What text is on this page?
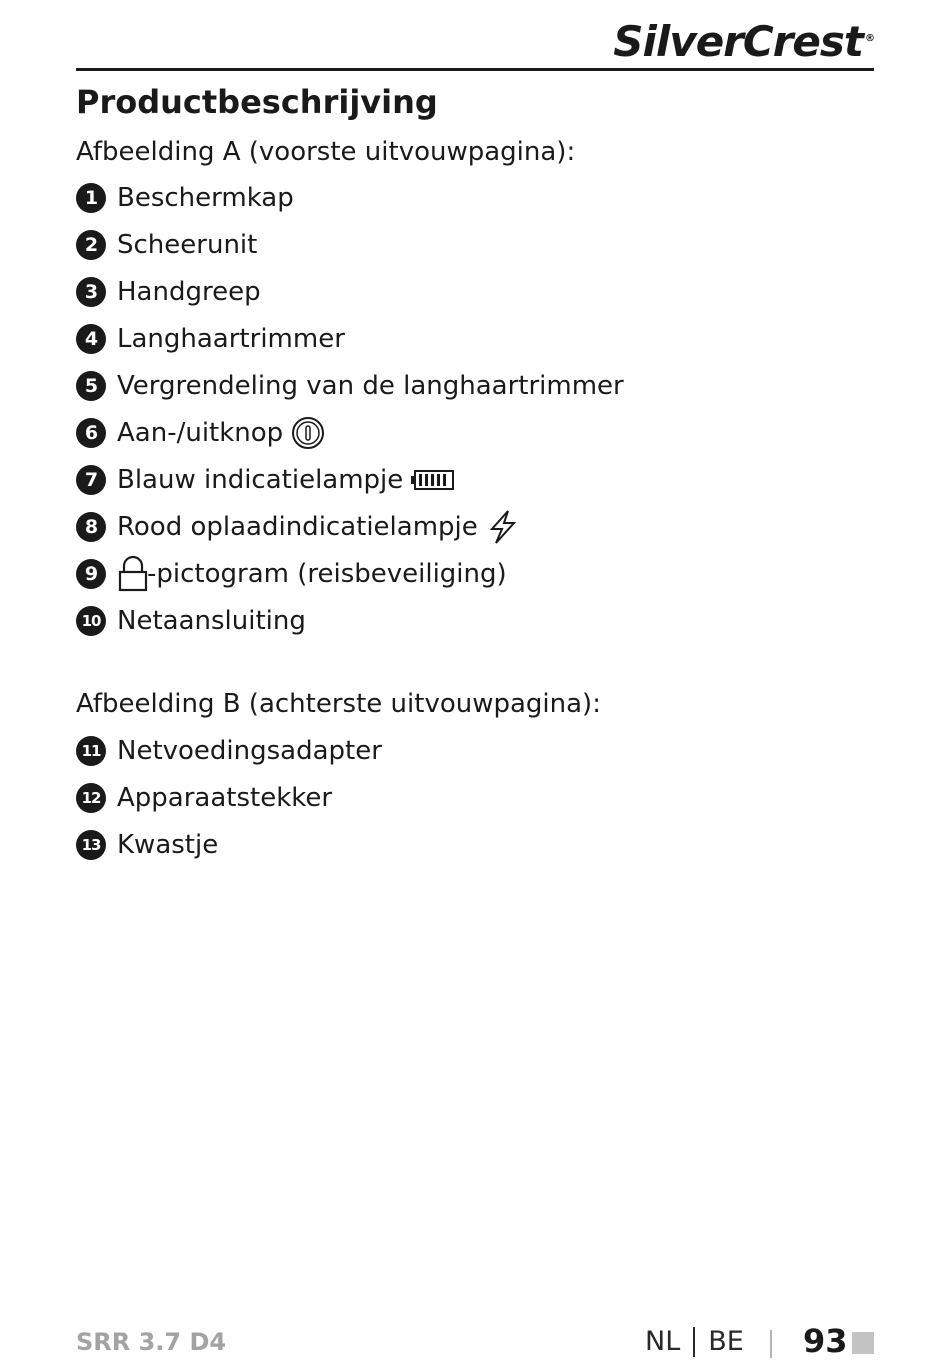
SilverCrest ®
Productbeschrijving
Afbeelding A (voorste uitvouwpagina):
1 Beschermkap
2 Scheerunit
3 Handgreep
4 Langhaartrimmer
5 Vergrendeling van de langhaartrimmer
6 Aan-/uitknop
7 Blauw indicatielampje
8 Rood oplaadindicatielampje
9	-pictogram (reisbeveiliging)
10 Netaansluiting
Afbeelding B (achterste uitvouwpagina):
11 Netvoedingsadapter
12 Apparaatstekker
13 Kwastje
SRR 3.7 D4	NL BE 93
